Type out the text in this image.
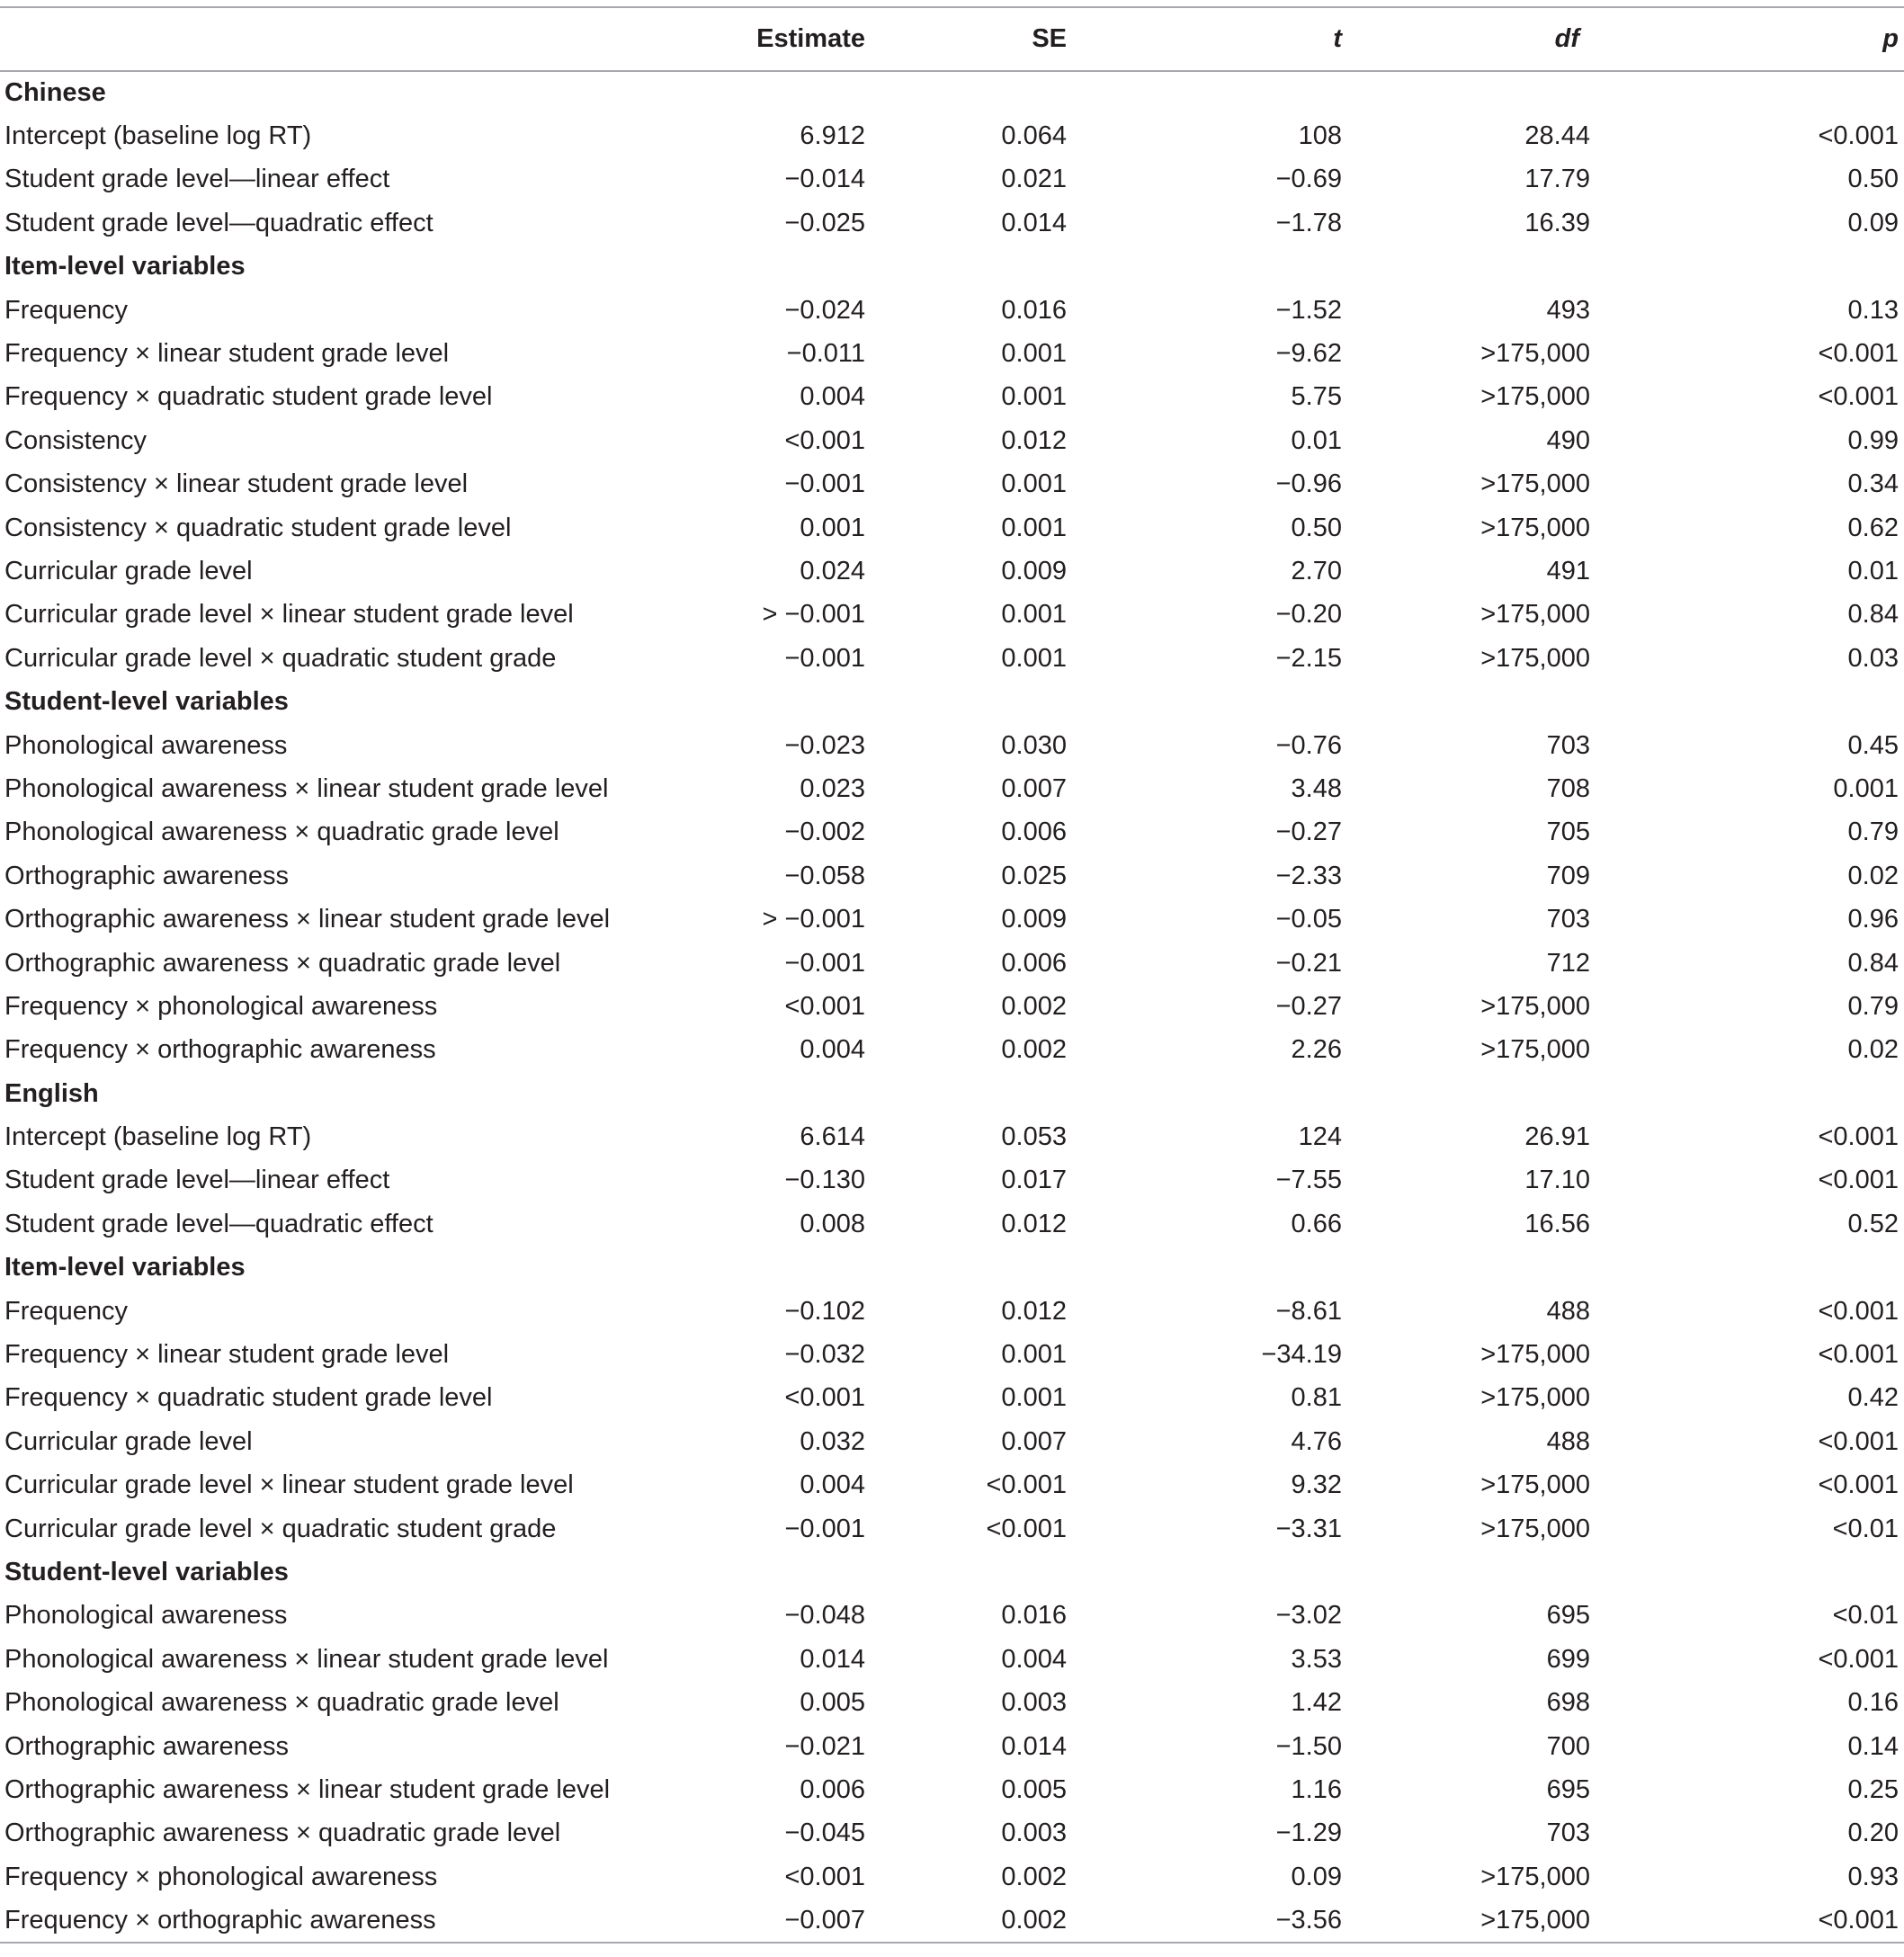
	Estimate	SE	t	df	p
Chinese					
Intercept (baseline log RT)	6.912	0.064	108	28.44	<0.001
Student grade level—linear effect	−0.014	0.021	−0.69	17.79	0.50
Student grade level—quadratic effect	−0.025	0.014	−1.78	16.39	0.09
Item-level variables					
Frequency	−0.024	0.016	−1.52	493	0.13
Frequency × linear student grade level	−0.011	0.001	−9.62	>175,000	<0.001
Frequency × quadratic student grade level	0.004	0.001	5.75	>175,000	<0.001
Consistency	<0.001	0.012	0.01	490	0.99
Consistency × linear student grade level	−0.001	0.001	−0.96	>175,000	0.34
Consistency × quadratic student grade level	0.001	0.001	0.50	>175,000	0.62
Curricular grade level	0.024	0.009	2.70	491	0.01
Curricular grade level × linear student grade level	> −0.001	0.001	−0.20	>175,000	0.84
Curricular grade level × quadratic student grade	−0.001	0.001	−2.15	>175,000	0.03
Student-level variables					
Phonological awareness	−0.023	0.030	−0.76	703	0.45
Phonological awareness × linear student grade level	0.023	0.007	3.48	708	0.001
Phonological awareness × quadratic grade level	−0.002	0.006	−0.27	705	0.79
Orthographic awareness	−0.058	0.025	−2.33	709	0.02
Orthographic awareness × linear student grade level	> −0.001	0.009	−0.05	703	0.96
Orthographic awareness × quadratic grade level	−0.001	0.006	−0.21	712	0.84
Frequency × phonological awareness	<0.001	0.002	−0.27	>175,000	0.79
Frequency × orthographic awareness	0.004	0.002	2.26	>175,000	0.02
English					
Intercept (baseline log RT)	6.614	0.053	124	26.91	<0.001
Student grade level—linear effect	−0.130	0.017	−7.55	17.10	<0.001
Student grade level—quadratic effect	0.008	0.012	0.66	16.56	0.52
Item-level variables					
Frequency	−0.102	0.012	−8.61	488	<0.001
Frequency × linear student grade level	−0.032	0.001	−34.19	>175,000	<0.001
Frequency × quadratic student grade level	<0.001	0.001	0.81	>175,000	0.42
Curricular grade level	0.032	0.007	4.76	488	<0.001
Curricular grade level × linear student grade level	0.004	<0.001	9.32	>175,000	<0.001
Curricular grade level × quadratic student grade	−0.001	<0.001	−3.31	>175,000	<0.01
Student-level variables					
Phonological awareness	−0.048	0.016	−3.02	695	<0.01
Phonological awareness × linear student grade level	0.014	0.004	3.53	699	<0.001
Phonological awareness × quadratic grade level	0.005	0.003	1.42	698	0.16
Orthographic awareness	−0.021	0.014	−1.50	700	0.14
Orthographic awareness × linear student grade level	0.006	0.005	1.16	695	0.25
Orthographic awareness × quadratic grade level	−0.045	0.003	−1.29	703	0.20
Frequency × phonological awareness	<0.001	0.002	0.09	>175,000	0.93
Frequency × orthographic awareness	−0.007	0.002	−3.56	>175,000	<0.001
